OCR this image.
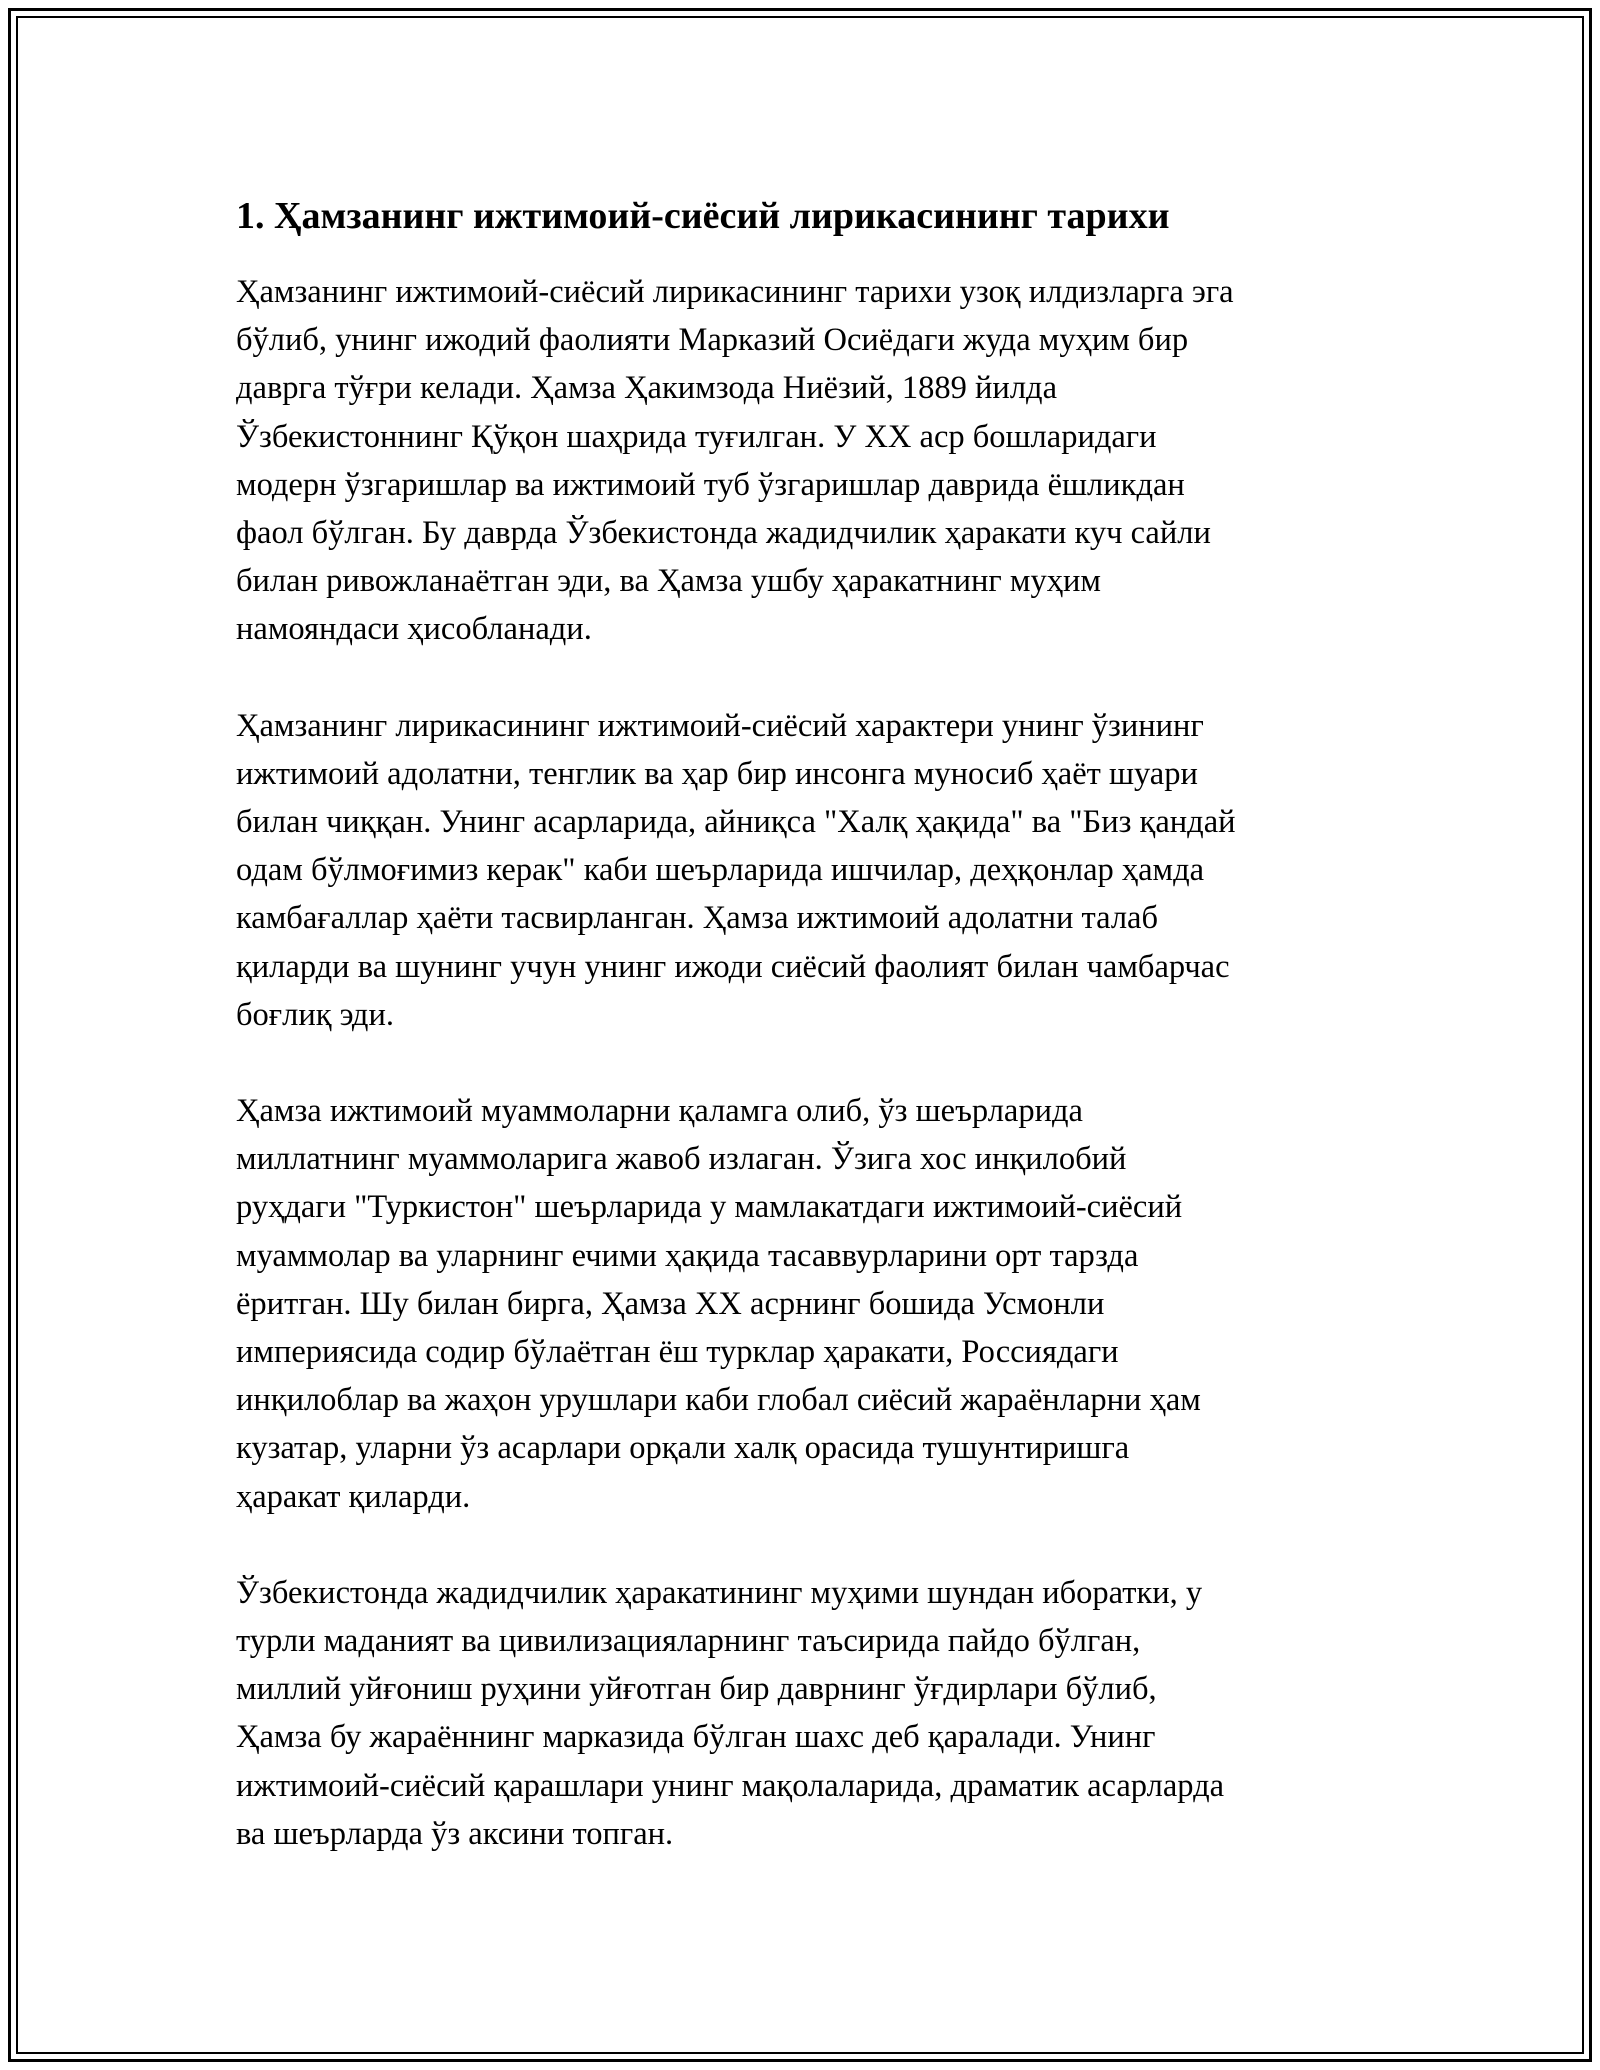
1. Ҳамзанинг ижтимоий-сиёсий лирикасининг тарихи

Ҳамзанинг ижтимоий-сиёсий лирикасининг тарихи узоқ илдизларга эга
бўлиб, унинг ижодий фаолияти Марказий Осиёдаги жуда муҳим бир
даврга тўғри келади. Ҳамза Ҳакимзода Ниёзий, 1889 йилда
Ўзбекистоннинг Қўқон шаҳрида туғилган. У XX аср бошларидаги
модерн ўзгаришлар ва ижтимоий туб ўзгаришлар даврида ёшликдан
фаол бўлган. Бу даврда Ўзбекистонда жадидчилик ҳаракати куч сайли
билан ривожланаётган эди, ва Ҳамза ушбу ҳаракатнинг муҳим
намояндаси ҳисобланади.

Ҳамзанинг лирикасининг ижтимоий-сиёсий характери унинг ўзининг
ижтимоий адолатни, тенглик ва ҳар бир инсонга муносиб ҳаёт шуари
билан чиққан. Унинг асарларида, айниқса "Халқ ҳақида" ва "Биз қандай
одам бўлмоғимиз керак" каби шеърларида ишчилар, деҳқонлар ҳамда
камбағаллар ҳаёти тасвирланган. Ҳамза ижтимоий адолатни талаб
қиларди ва шунинг учун унинг ижоди сиёсий фаолият билан чамбарчас
боғлиқ эди.

Ҳамза ижтимоий муаммоларни қаламга олиб, ўз шеърларида
миллатнинг муаммоларига жавоб излаган. Ўзига хос инқилобий
руҳдаги "Туркистон" шеърларида у мамлакатдаги ижтимоий-сиёсий
муаммолар ва уларнинг ечими ҳақида тасаввурларини орт тарзда
ёритган. Шу билан бирга, Ҳамза XX асрнинг бошида Усмонли
империясида содир бўлаётган ёш турклар ҳаракати, Россиядаги
инқилоблар ва жаҳон урушлари каби глобал сиёсий жараёнларни ҳам
кузатар, уларни ўз асарлари орқали халқ орасида тушунтиришга
ҳаракат қиларди.

Ўзбекистонда жадидчилик ҳаракатининг муҳими шундан иборатки, у
турли маданият ва цивилизацияларнинг таъсирида пайдо бўлган,
миллий уйғониш руҳини уйғотган бир даврнинг ўғдирлари бўлиб,
Ҳамза бу жараённинг марказида бўлган шахс деб қаралади. Унинг
ижтимоий-сиёсий қарашлари унинг мақолаларида, драматик асарларда
ва шеърларда ўз аксини топган.
